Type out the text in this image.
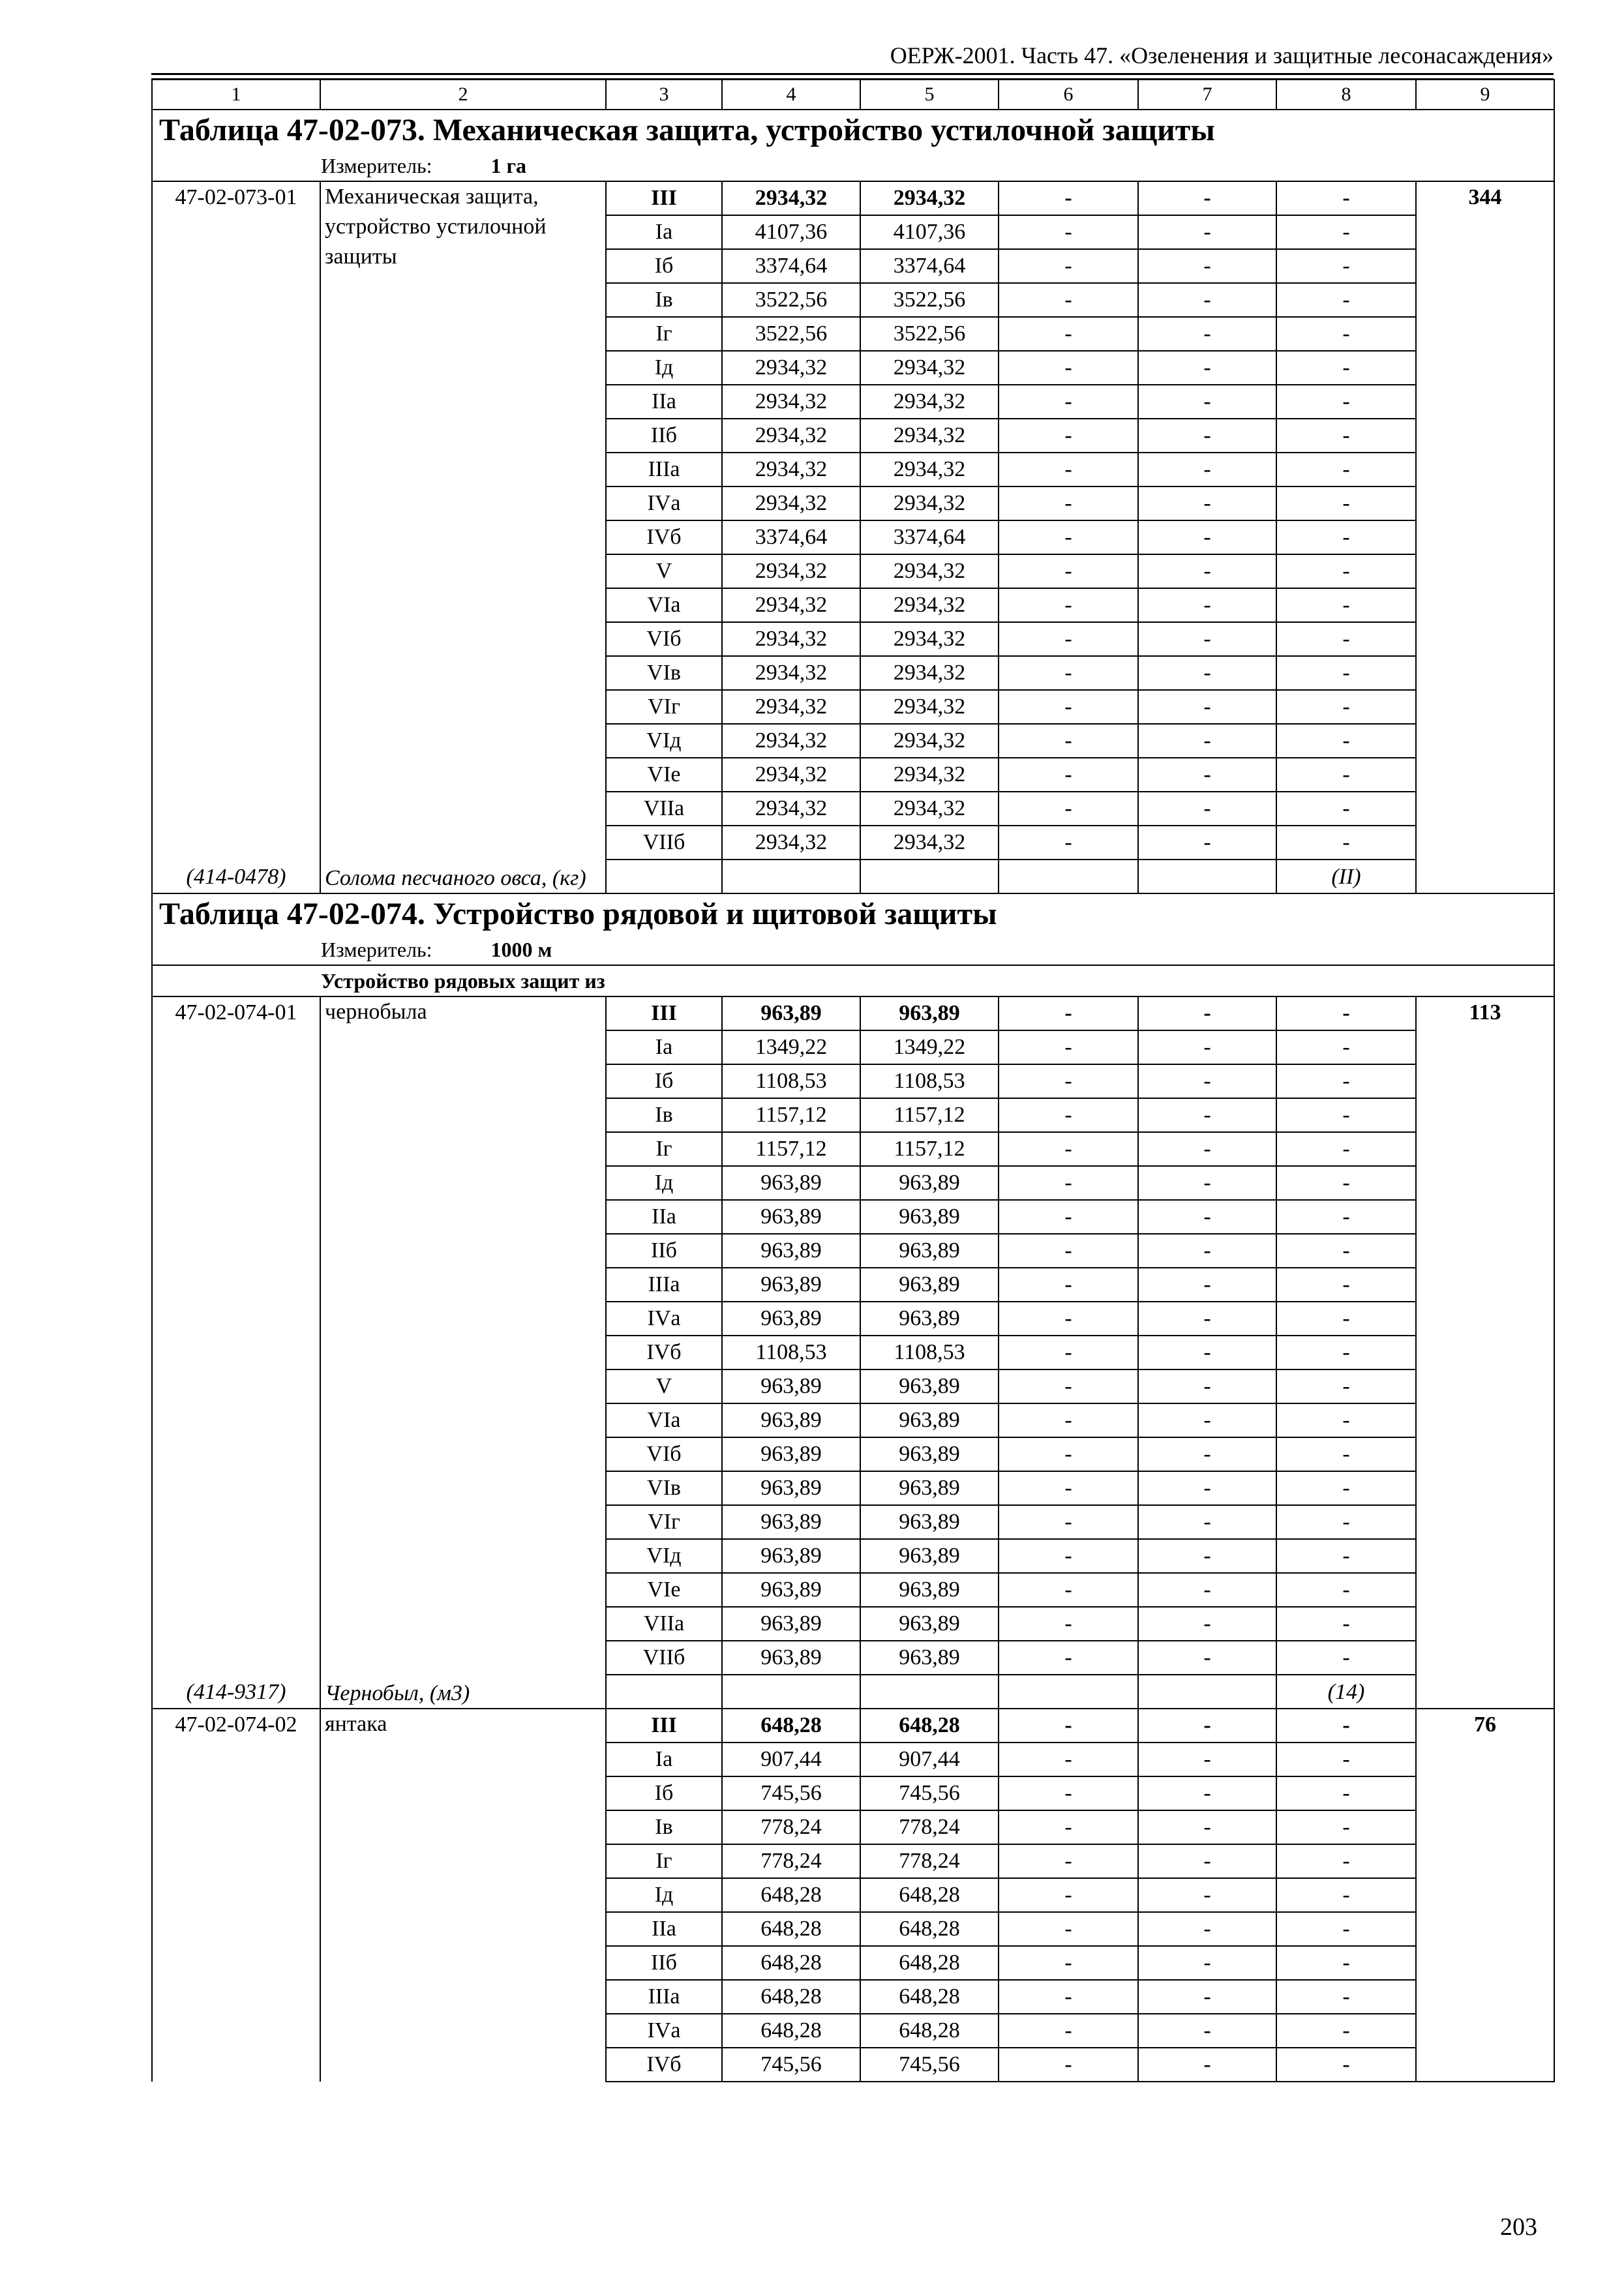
ОЕРЖ-2001. Часть 47. «Озеленения и защитные лесонасаждения»
1	2	3	4	5	6	7	8	9

Таблица 47-02-073. Механическая защита, устройство устилочной защиты								

Измеритель: 1 га								

47-02-073-01	Механическая защита, устройство устилочной защиты	III	2934,32	2934,32	-	-	-	344
		Iа	4107,36	4107,36	-	-	-	
		Iб	3374,64	3374,64	-	-	-	
		Iв	3522,56	3522,56	-	-	-	
		Iг	3522,56	3522,56	-	-	-	
		Iд	2934,32	2934,32	-	-	-	
		IIа	2934,32	2934,32	-	-	-	
		IIб	2934,32	2934,32	-	-	-	
		IIIа	2934,32	2934,32	-	-	-	
		IVа	2934,32	2934,32	-	-	-	
		IVб	3374,64	3374,64	-	-	-	
		V	2934,32	2934,32	-	-	-	
		VIа	2934,32	2934,32	-	-	-	
		VIб	2934,32	2934,32	-	-	-	
		VIв	2934,32	2934,32	-	-	-	
		VIг	2934,32	2934,32	-	-	-	
		VIд	2934,32	2934,32	-	-	-	
		VIе	2934,32	2934,32	-	-	-	
		VIIа	2934,32	2934,32	-	-	-	
		VIIб	2934,32	2934,32	-	-	-	
(414-0478)	Солома песчаного овса, (кг)						(II)	

Таблица 47-02-074. Устройство рядовой и щитовой защиты								

Измеритель: 1000 м								

Устройство рядовых защит из								
47-02-074-01	чернобыла	III	963,89	963,89	-	-	-	113
		Iа	1349,22	1349,22	-	-	-	
		Iб	1108,53	1108,53	-	-	-	
		Iв	1157,12	1157,12	-	-	-	
		Iг	1157,12	1157,12	-	-	-	
		Iд	963,89	963,89	-	-	-	
		IIа	963,89	963,89	-	-	-	
		IIб	963,89	963,89	-	-	-	
		IIIа	963,89	963,89	-	-	-	
		IVа	963,89	963,89	-	-	-	
		IVб	1108,53	1108,53	-	-	-	
		V	963,89	963,89	-	-	-	
		VIа	963,89	963,89	-	-	-	
		VIб	963,89	963,89	-	-	-	
		VIв	963,89	963,89	-	-	-	
		VIг	963,89	963,89	-	-	-	
		VIд	963,89	963,89	-	-	-	
		VIе	963,89	963,89	-	-	-	
		VIIа	963,89	963,89	-	-	-	
		VIIб	963,89	963,89	-	-	-	
(414-9317)	Чернобыл, (м3)						(14)	
47-02-074-02	янтака	III	648,28	648,28	-	-	-	76
		Iа	907,44	907,44	-	-	-	
		Iб	745,56	745,56	-	-	-	
		Iв	778,24	778,24	-	-	-	
		Iг	778,24	778,24	-	-	-	
		Iд	648,28	648,28	-	-	-	
		IIа	648,28	648,28	-	-	-	
		IIб	648,28	648,28	-	-	-	
		IIIа	648,28	648,28	-	-	-	
		IVа	648,28	648,28	-	-	-	
		IVб	745,56	745,56	-	-	-	
203
